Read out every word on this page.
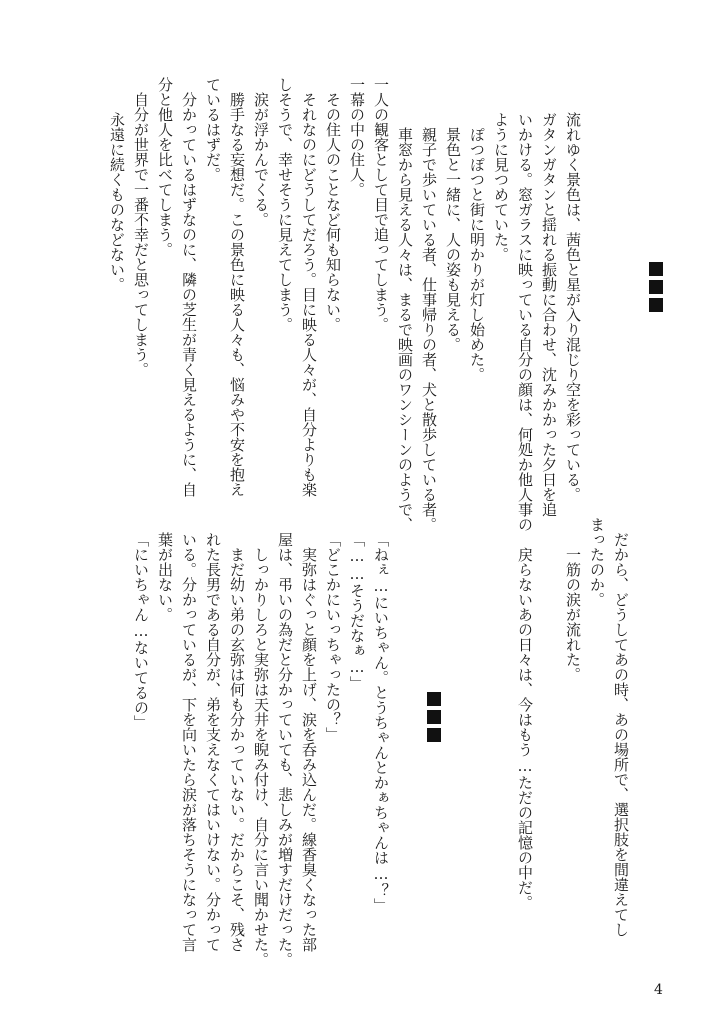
流れゆく景色は、茜色と星が入り混じり空を彩っている。
ガタンガタンと揺れる振動に合わせ、沈みかかった夕日を追
いかける。窓ガラスに映っている自分の顔は、何処か他人事の
ように見つめていた。
ぽつぽつと街に明かりが灯し始めた。
景色と一緒に、人の姿も見える。
親子で歩いている者、仕事帰りの者、犬と散歩している者。
車窓から見える人々は、まるで映画のワンシーンのようで、
一人の観客として目で追ってしまう。
一幕の中の住人。
その住人のことなど何も知らない。
それなのにどうしてだろう。目に映る人々が、自分よりも楽
しそうで、幸せそうに見えてしまう。
涙が浮かんでくる。
勝手なる妄想だ。この景色に映る人々も、悩みや不安を抱え
ているはずだ。
分かっているはずなのに、隣の芝生が青く見えるように、自
分と他人を比べてしまう。
自分が世界で一番不幸だと思ってしまう。
永遠に続くものなどない。
だから、どうしてあの時、あの場所で、選択肢を間違えてし
まったのか。
一筋の涙が流れた。
戻らないあの日々は、今はもう…ただの記憶の中だ。
「ねぇ…にいちゃん。とうちゃんとかぁちゃんは…？」
「……そうだなぁ…」
「どこかにいっちゃったの？」
実弥はぐっと顔を上げ、涙を呑み込んだ。線香臭くなった部
屋は、弔いの為だと分かっていても、悲しみが増すだけだった。
しっかりしろと実弥は天井を睨み付け、自分に言い聞かせた。
まだ幼い弟の玄弥は何も分かっていない。だからこそ、残さ
れた長男である自分が、弟を支えなくてはいけない。分かって
いる。分かっているが、下を向いたら涙が落ちそうになって言
葉が出ない。
「にいちゃん…ないてるの」
4
